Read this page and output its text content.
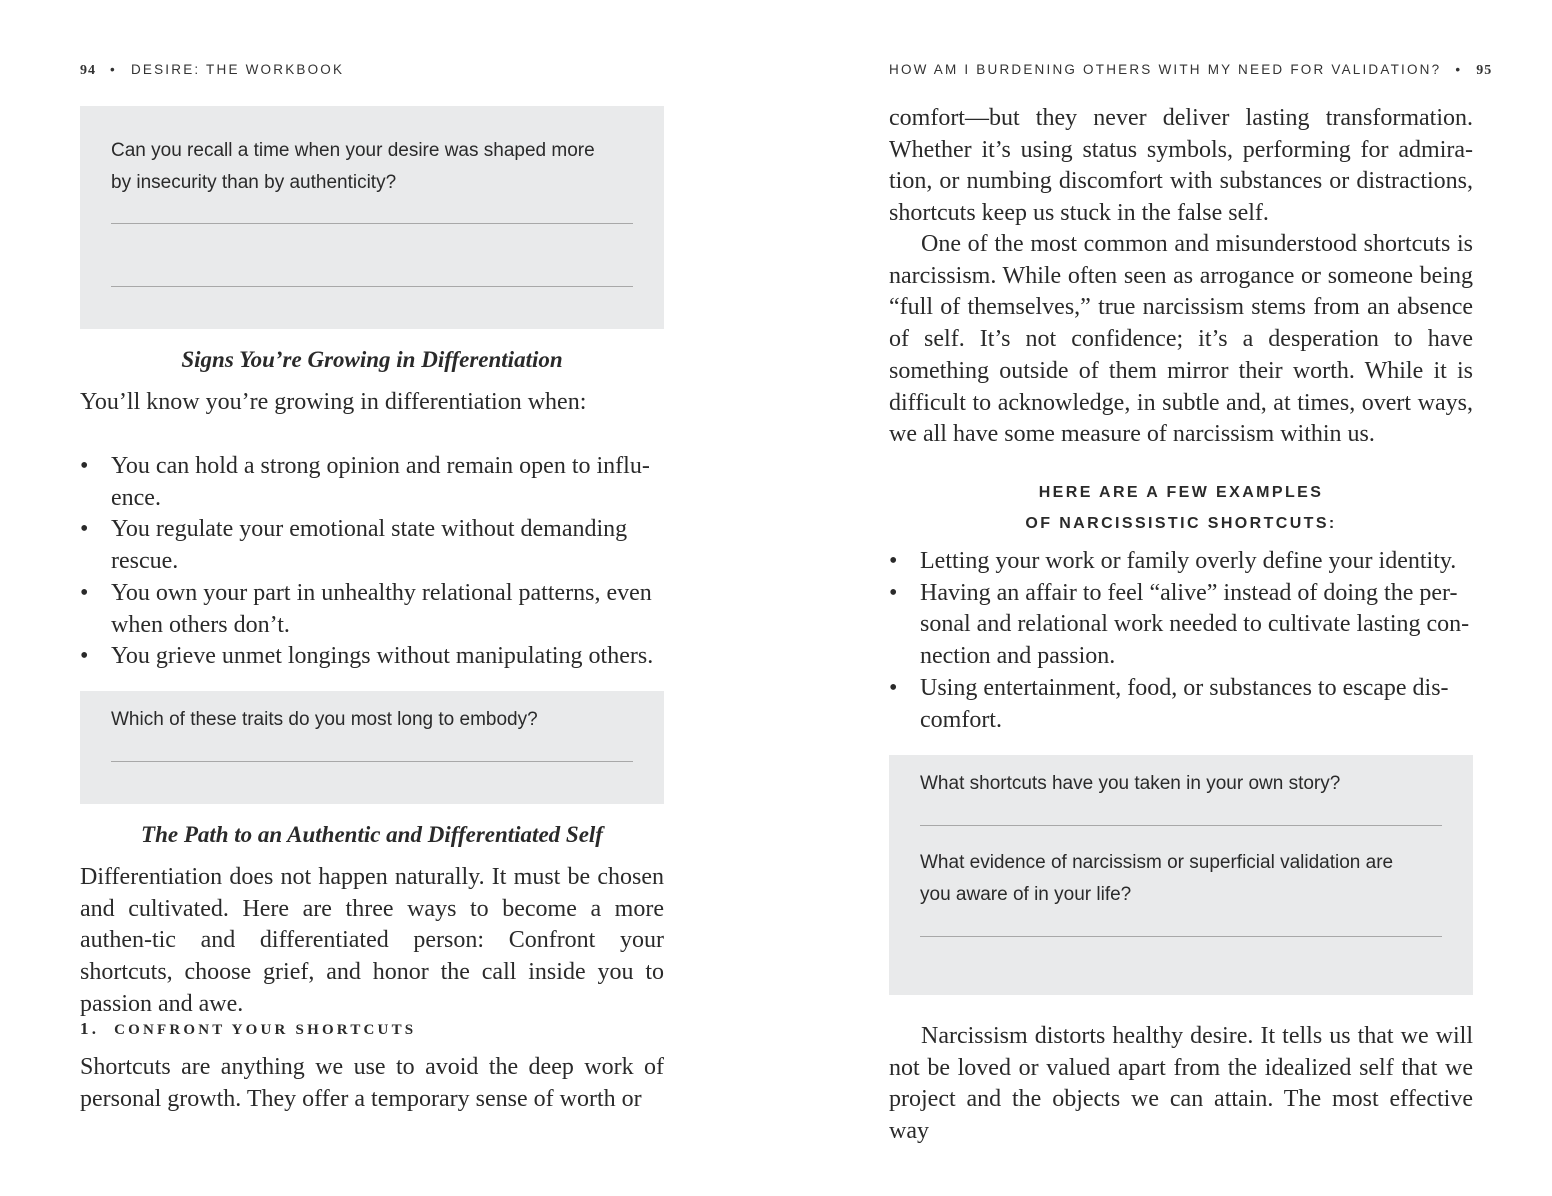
94 • DESIRE: THE WORKBOOK
Can you recall a time when your desire was shaped more by insecurity than by authenticity?
Signs You’re Growing in Differentiation

You’ll know you’re growing in differentiation when:

• You can hold a strong opinion and remain open to influ-ence.
• You regulate your emotional state without demanding rescue.
• You own your part in unhealthy relational patterns, even when others don’t.
• You grieve unmet longings without manipulating others.
Which of these traits do you most long to embody?
The Path to an Authentic and Differentiated Self

Differentiation does not happen naturally. It must be chosen and cultivated. Here are three ways to become a more authen-tic and differentiated person: Confront your shortcuts, choose grief, and honor the call inside you to passion and awe.

1. CONFRONT YOUR SHORTCUTS

Shortcuts are anything we use to avoid the deep work of personal growth. They offer a temporary sense of worth or

HOW AM I BURDENING OTHERS WITH MY NEED FOR VALIDATION? • 95

comfort—but they never deliver lasting transformation. Whether it’s using status symbols, performing for admira-tion, or numbing discomfort with substances or distractions, shortcuts keep us stuck in the false self.

One of the most common and misunderstood shortcuts is narcissism. While often seen as arrogance or someone being “full of themselves,” true narcissism stems from an absence of self. It’s not confidence; it’s a desperation to have something outside of them mirror their worth. While it is difficult to acknowledge, in subtle and, at times, overt ways, we all have some measure of narcissism within us.

HERE ARE A FEW EXAMPLES
OF NARCISSISTIC SHORTCUTS:
• Letting your work or family overly define your identity.
• Having an affair to feel “alive” instead of doing the per-sonal and relational work needed to cultivate lasting con-nection and passion.
• Using entertainment, food, or substances to escape dis-comfort.
What shortcuts have you taken in your own story?
What evidence of narcissism or superficial validation are you aware of in your life?

Narcissism distorts healthy desire. It tells us that we will not be loved or valued apart from the idealized self that we project and the objects we can attain. The most effective way
